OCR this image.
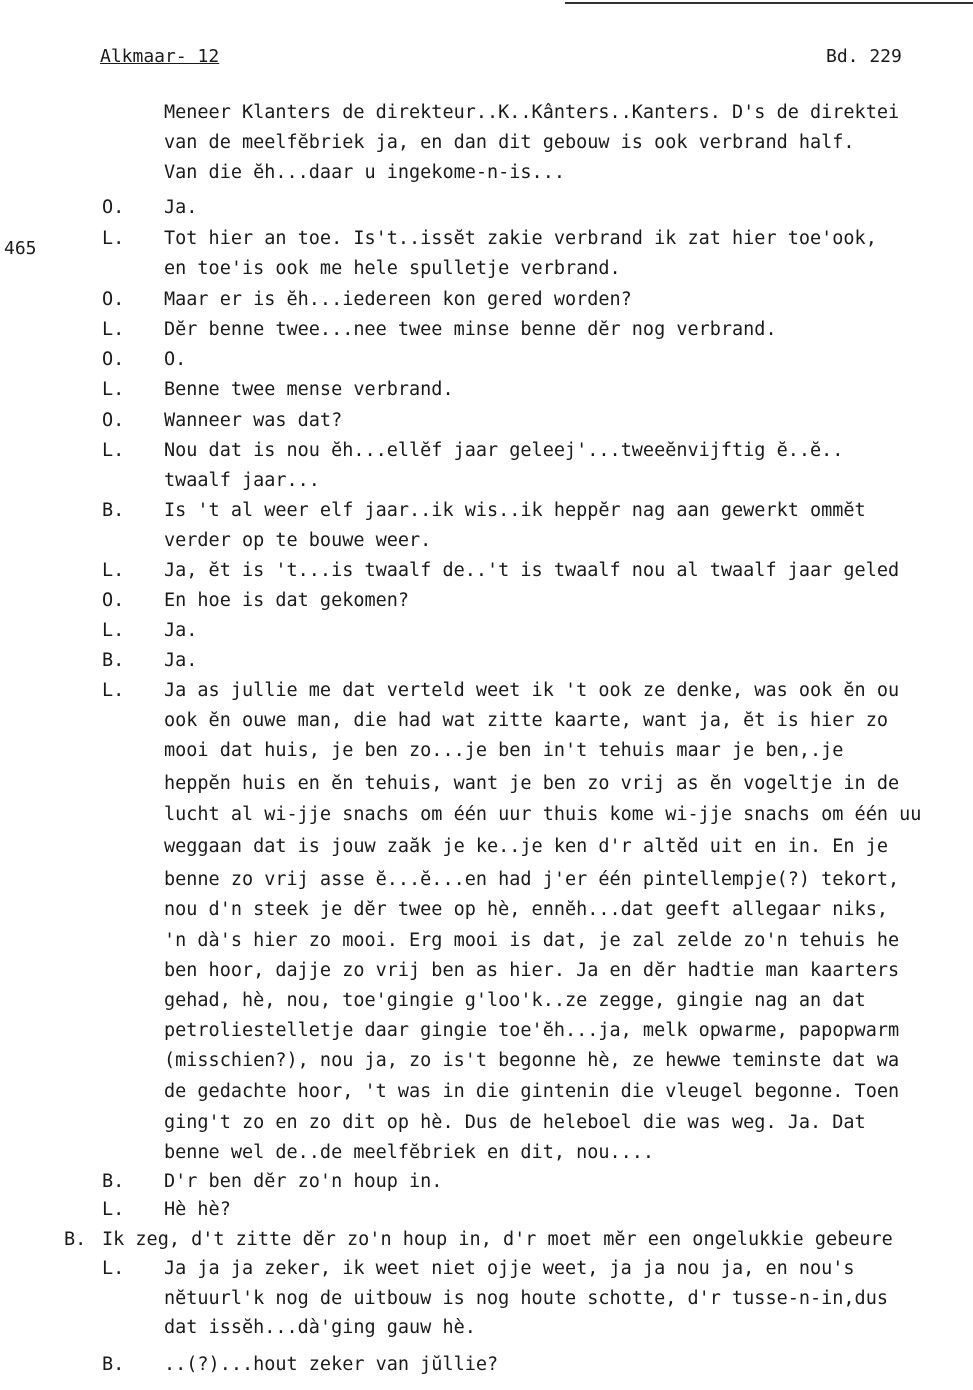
Alkmaar- 12	Bd. 229
465
Meneer Klanters de direkteur..K..Kânters..Kanters. D's de direktei
van de meelfĕbriek ja, en dan dit gebouw is ook verbrand half.
Van die ĕh...daar u ingekome-n-is...
O. Ja.
L. Tot hier an toe. Is't..issĕt zakie verbrand ik zat hier toe'ook,
en toe'is ook me hele spulletje verbrand.
O. Maar er is ĕh...iedereen kon gered worden?
L. Dĕr benne twee...nee twee minse benne dĕr nog verbrand.
O. O.
L. Benne twee mense verbrand.
O. Wanneer was dat?
L. Nou dat is nou ĕh...ellĕf jaar geleej'...tweeĕnvijftig ĕ..ĕ..
twaalf jaar...
B. Is 't al weer elf jaar..ik wis..ik heppĕr nag aan gewerkt ommĕt
verder op te bouwe weer.
L. Ja, ĕt is 't...is twaalf de..'t is twaalf nou al twaalf jaar geled
O. En hoe is dat gekomen?
L. Ja.
B. Ja.
L. Ja as jullie me dat verteld weet ik 't ook ze denke, was ook ĕn ou
ook ĕn ouwe man, die had wat zitte kaarte, want ja, ĕt is hier zo
mooi dat huis, je ben zo...je ben in't tehuis maar je ben,.je
heppĕn huis en ĕn tehuis, want je ben zo vrij as ĕn vogeltje in de
lucht al wi-jje snachs om één uur thuis kome wi-jje snachs om één uu
weggaan dat is jouw zaăk je ke..je ken d'r altĕd uit en in. En je
benne zo vrij asse ĕ...ĕ...en had j'er één pintellempje(?) tekort,
nou d'n steek je dĕr twee op hè, ennĕh...dat geeft allegaar niks,
'n dà's hier zo mooi. Erg mooi is dat, je zal zelde zo'n tehuis he
ben hoor, dajje zo vrij ben as hier. Ja en dĕr hadtie man kaarters
gehad, hè, nou, toe'gingie g'loo'k..ze zegge, gingie nag an dat
petroliestelletje daar gingie toe'ĕh...ja, melk opwarme, papopwarm
(misschien?), nou ja, zo is't begonne hè, ze hewwe teminste dat wa
de gedachte hoor, 't was in die gintenin die vleugel begonne. Toen
ging't zo en zo dit op hè. Dus de heleboel die was weg. Ja. Dat
benne wel de..de meelfĕbriek en dit, nou....
B. D'r ben dĕr zo'n houp in.
L. Hè hè?
B. Ik zeg, d't zitte dĕr zo'n houp in, d'r moet mĕr een ongelukkie gebeure
L. Ja ja ja zeker, ik weet niet ojje weet, ja ja nou ja, en nou's
nĕtuurl'k nog de uitbouw is nog houte schotte, d'r tusse-n-in,dus
dat issĕh...dà'ging gauw hè.
B. ..(?)...hout zeker van jŭllie?
